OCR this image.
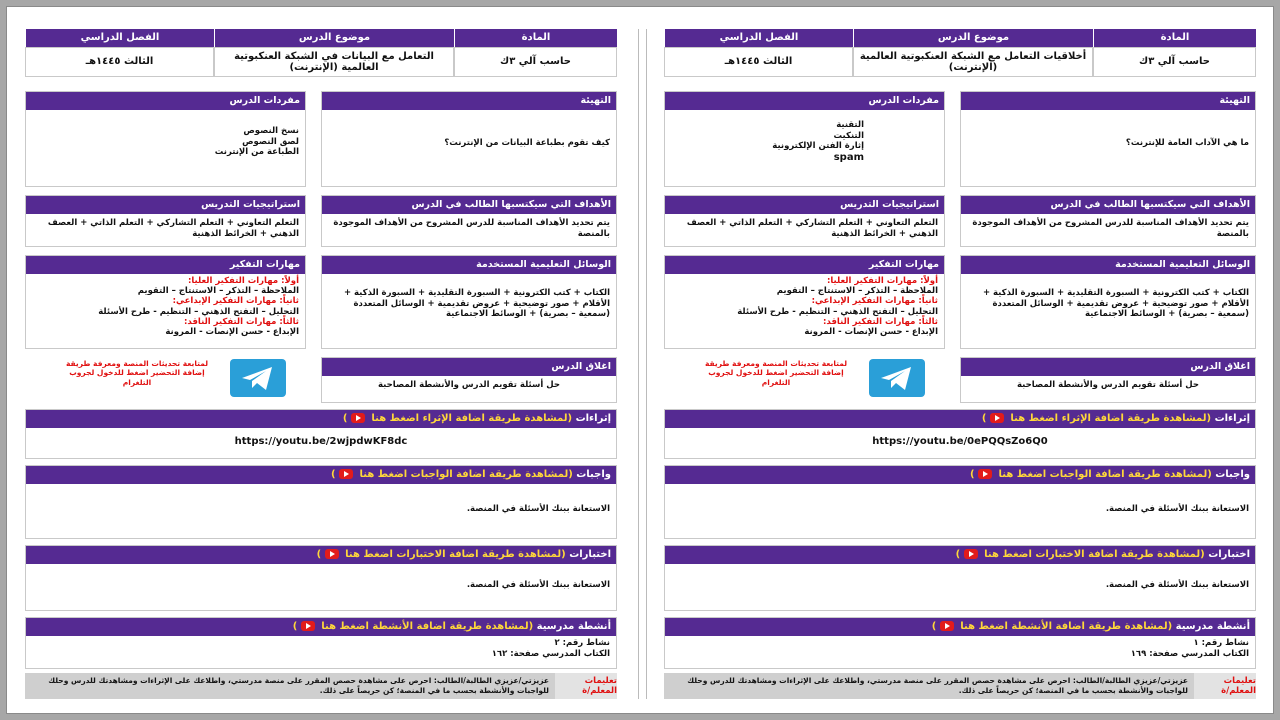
المادة
موضوع الدرس
الفصل الدراسي
حاسب آلي ٣ك
أخلاقيات التعامل مع الشبكة العنكبوتية العالمية (الإنترنت)
الثالث ١٤٤٥هـ
التهيئة
ما هي الآداب العامة للإنترنت؟
مفردات الدرس
التقنية
التنكيت
إثارة الفتن الإلكترونية
spam
الأهداف التي سيكتسبها الطالب في الدرس
يتم تحديد الأهداف المناسبة للدرس المشروح من الأهداف الموجودة بالمنصة
استراتيجيات التدريس
التعلم التعاوني + التعلم التشاركي + التعلم الذاتي + العصف الذهني + الخرائط الذهنية
الوسائل التعليمية المستخدمة
الكتاب + كتب الكترونية + السبورة التقليدية + السبورة الذكية + الأقلام + صور توضيحية + عروض تقديمية + الوسائل المتعددة (سمعية – بصرية) + الوسائط الاجتماعية
مهارات التفكير
أولاً: مهارات التفكير العليا:
الملاحظة – التذكر – الاستنتاج – التقويم
ثانياً: مهارات التفكير الإبداعي:
التحليل – التفتح الذهني – التنظيم - طرح الأسئلة
ثالثاً: مهارات التفكير الناقد:
الإبداع - حسن الإنصات - المرونة
اغلاق الدرس
حل أسئلة تقويم الدرس والأنشطة المصاحبة
لمتابعة تحديثات المنصة ومعرفة طريقة إضافة التحضير اضغط للدخول لجروب التلغرام
إثراءات (لمشاهدة طريقة اضافة الإثراء اضغط هنا  )
https://youtu.be/0ePQQsZo6Q0
واجبات (لمشاهدة طريقة اضافة الواجبات اضغط هنا  )
الاستعانة ببنك الأسئلة في المنصة.
اختبارات (لمشاهدة طريقة اضافة الاختبارات اضغط هنا  )
الاستعانة ببنك الأسئلة في المنصة.
أنشطة مدرسية (لمشاهدة طريقة اضافة الأنشطة اضغط هنا  )
نشاط رقم: ١
الكتاب المدرسي صفحة: ١٦٩
تعليمات المعلم/ة
عزيزتي/عزيزي الطالبة/الطالب: احرص على مشاهدة حصص المقرر على منصة مدرستي، واطلاعك على الإثراءات ومشاهدتك للدرس وحلك للواجبات والأنشطة بحسب ما في المنصة؛ كن حريصاً على ذلك.
المادة
موضوع الدرس
الفصل الدراسي
حاسب آلي ٣ك
التعامل مع البيانات في الشبكة العنكبوتية العالمية (الإنترنت)
الثالث ١٤٤٥هـ
التهيئة
كيف تقوم بطباعة البيانات من الإنترنت؟
مفردات الدرس
نسخ النصوص
لصق النصوص
الطباعة من الإنترنت
الأهداف التي سيكتسبها الطالب في الدرس
يتم تحديد الأهداف المناسبة للدرس المشروح من الأهداف الموجودة بالمنصة
استراتيجيات التدريس
التعلم التعاوني + التعلم التشاركي + التعلم الذاتي + العصف الذهني + الخرائط الذهنية
الوسائل التعليمية المستخدمة
الكتاب + كتب الكترونية + السبورة التقليدية + السبورة الذكية + الأقلام + صور توضيحية + عروض تقديمية + الوسائل المتعددة (سمعية – بصرية) + الوسائط الاجتماعية
مهارات التفكير
أولاً: مهارات التفكير العليا:
الملاحظة – التذكر – الاستنتاج – التقويم
ثانياً: مهارات التفكير الإبداعي:
التحليل – التفتح الذهني – التنظيم - طرح الأسئلة
ثالثاً: مهارات التفكير الناقد:
الإبداع - حسن الإنصات - المرونة
اغلاق الدرس
حل أسئلة تقويم الدرس والأنشطة المصاحبة
لمتابعة تحديثات المنصة ومعرفة طريقة إضافة التحضير اضغط للدخول لجروب التلغرام
إثراءات (لمشاهدة طريقة اضافة الإثراء اضغط هنا  )
https://youtu.be/2wjpdwKF8dc
واجبات (لمشاهدة طريقة اضافة الواجبات اضغط هنا  )
الاستعانة ببنك الأسئلة في المنصة.
اختبارات (لمشاهدة طريقة اضافة الاختبارات اضغط هنا  )
الاستعانة ببنك الأسئلة في المنصة.
أنشطة مدرسية (لمشاهدة طريقة اضافة الأنشطة اضغط هنا  )
نشاط رقم: ٢
الكتاب المدرسي صفحة: ١٦٢
تعليمات المعلم/ة
عزيزتي/عزيزي الطالبة/الطالب: احرص على مشاهدة حصص المقرر على منصة مدرستي، واطلاعك على الإثراءات ومشاهدتك للدرس وحلك للواجبات والأنشطة بحسب ما في المنصة؛ كن حريصاً على ذلك.
